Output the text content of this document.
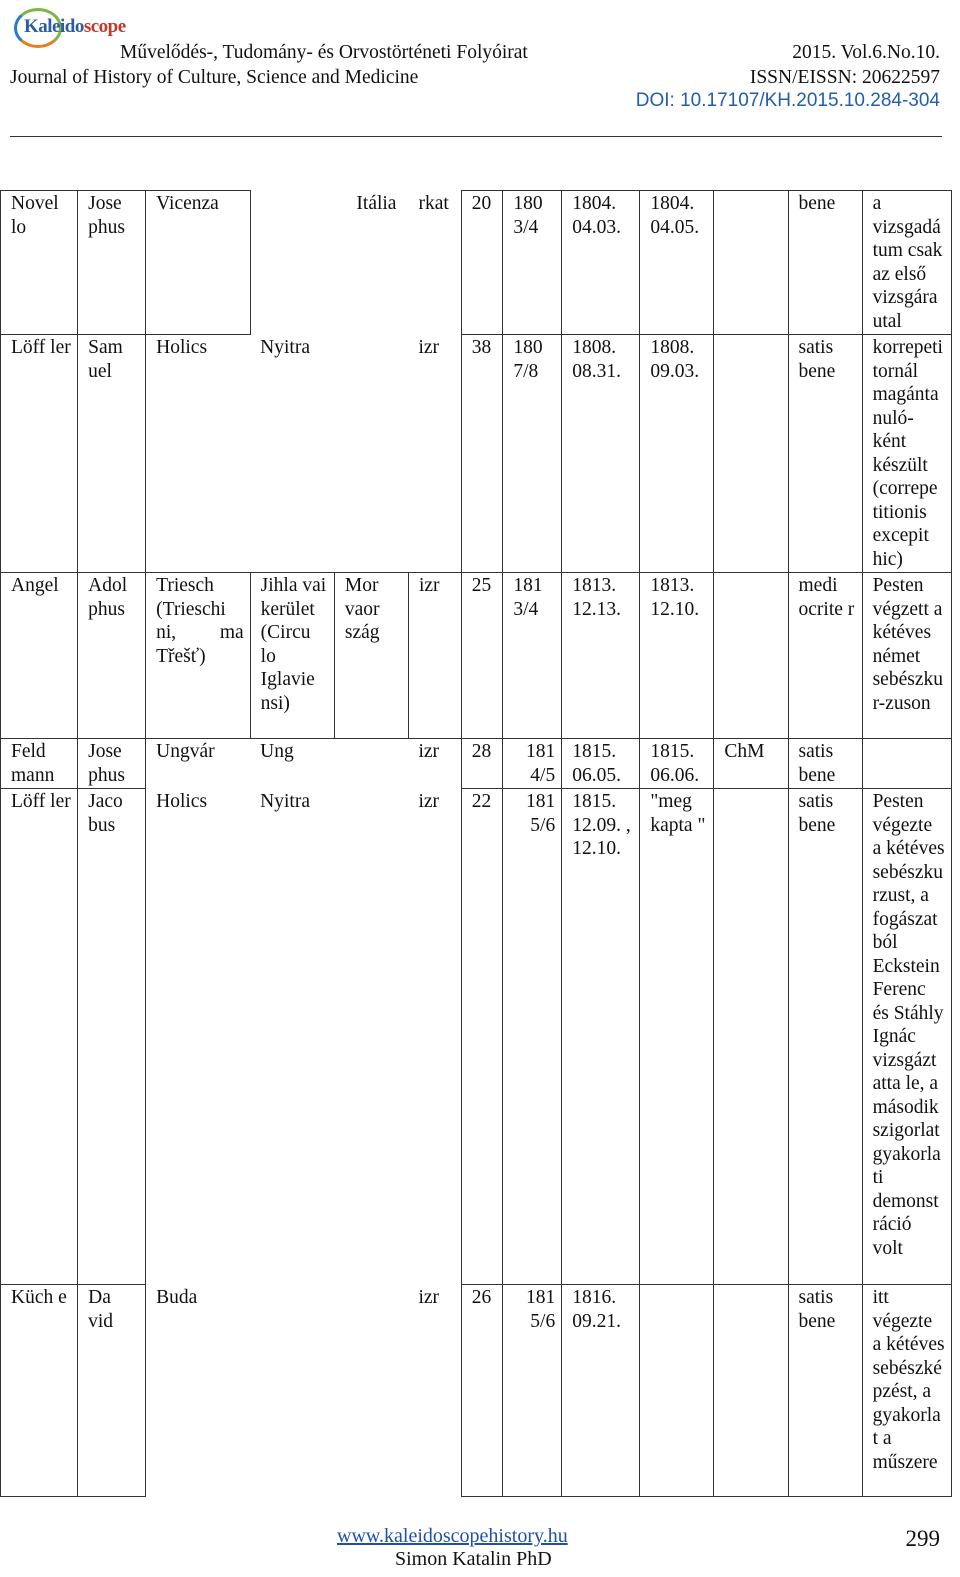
Kaleidoscope
Művelődés-, Tudomány- és Orvostörténeti Folyóirat
Journal of History of Culture, Science and Medicine
2015. Vol.6.No.10.
ISSN/EISSN: 20622597
DOI: 10.17107/KH.2015.10.284-304
Novel lo	Jose phus	Vicenza	Itália		rkat	20	180 3/4	1804. 04.03.	1804. 04.05.		bene	a vizsgadá tum csak az első vizsgára utal
Löff ler	Sam uel	Holics	Nyitra		izr	38	180 7/8	1808. 08.31.	1808. 09.03.		satis bene	korrepeti tornál magánta nuló-ként készült (correpe titionis excepit hic)
Angel	Adol phus	Triesch (Trieschi ni, ma Třešť)	Jihla vai kerület (Circu lo Iglavie nsi)	Mor vaor szág	izr	25	181 3/4	1813. 12.13.	1813. 12.10.		medi ocrite r	Pesten végzett a kétéves német sebészku r-zuson
Feld mann	Jose phus	Ungvár	Ung		izr	28	181 4/5	1815. 06.05.	1815. 06.06.	ChM	satis bene	
Löff ler	Jaco bus	Holics	Nyitra		izr	22	181 5/6	1815. 12.09. , 12.10.	"meg kapta "		satis bene	Pesten végezte a kétéves sebészku rzust, a fogászat ból Eckstein Ferenc és Stáhly Ignác vizsgázt atta le, a második szigorlat gyakorla ti demonst ráció volt
Küch e	Da vid	Buda			izr	26	181 5/6	1816. 09.21.			satis bene	itt végezte a kétéves sebészké pzést, a gyakorla t a műszere
www.kaleidoscopehistory.hu
Simon Katalin PhD
299
